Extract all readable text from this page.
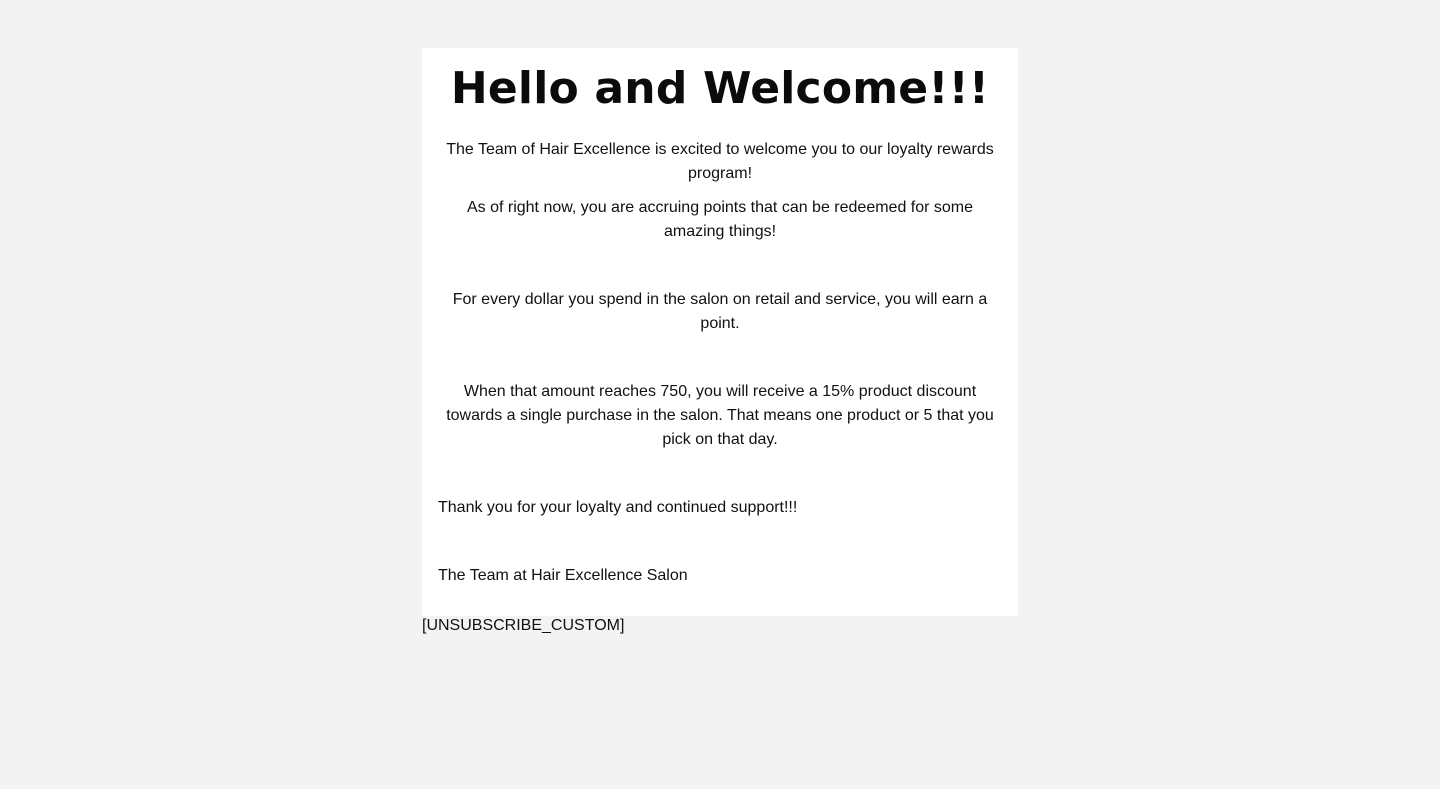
Hello and Welcome!!!

The Team of Hair Excellence is excited to welcome you to our loyalty rewards program!

As of right now, you are accruing points that can be redeemed for some amazing things!

For every dollar you spend in the salon on retail and service, you will earn a point.

When that amount reaches 750, you will receive a 15% product discount towards a single purchase in the salon. That means one product or 5 that you pick on that day.

Thank you for your loyalty and continued support!!!

The Team at Hair Excellence Salon

[UNSUBSCRIBE_CUSTOM]
